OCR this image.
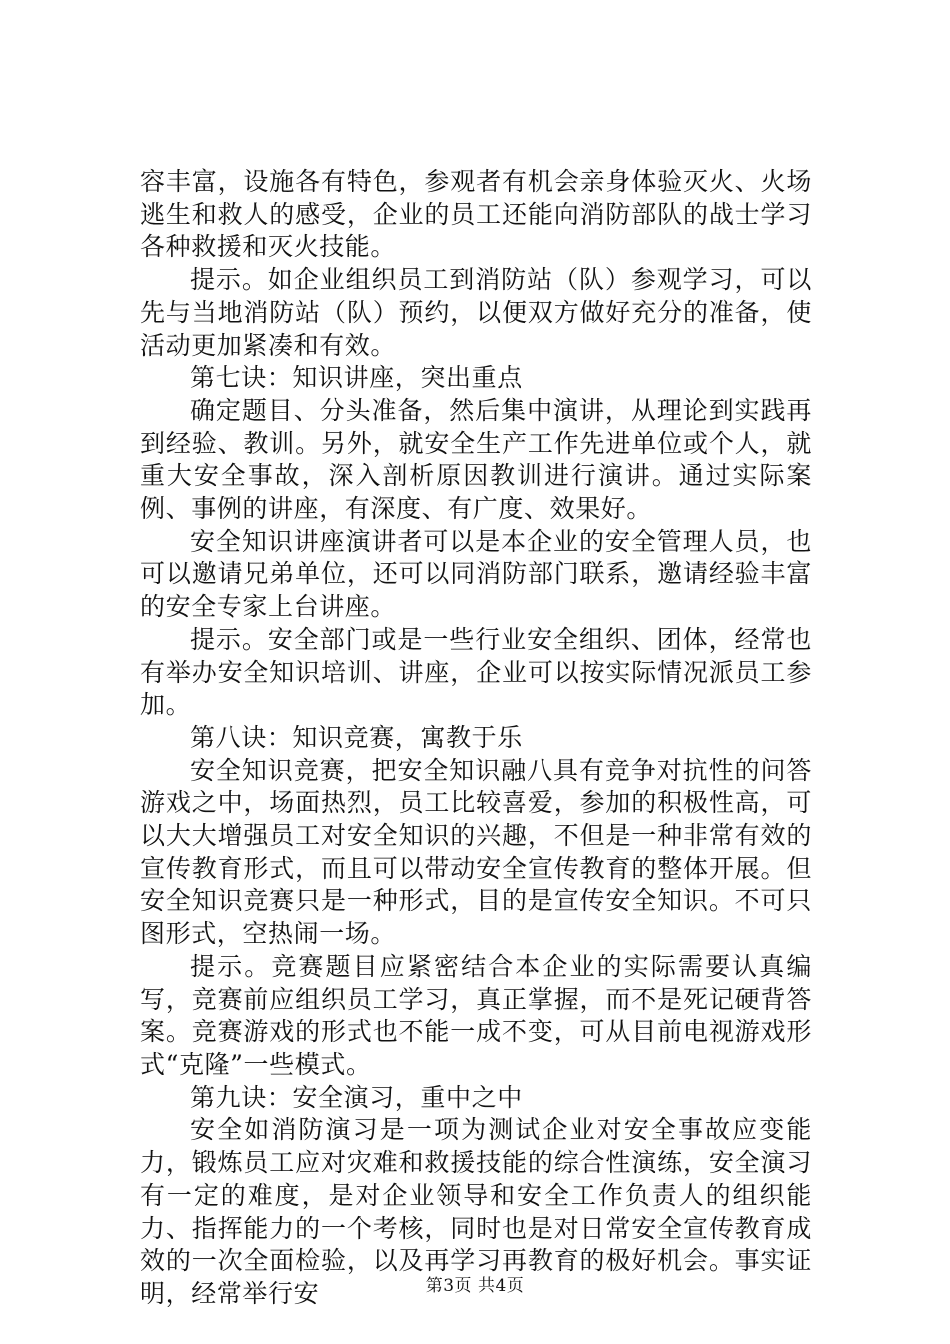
容丰富，设施各有特色，参观者有机会亲身体验灭火、火场逃生和救人的感受，企业的员工还能向消防部队的战士学习各种救援和灭火技能。

提示。如企业组织员工到消防站（队）参观学习，可以先与当地消防站（队）预约，以便双方做好充分的准备，使活动更加紧凑和有效。

第七诀：知识讲座，突出重点

确定题目、分头准备，然后集中演讲，从理论到实践再到经验、教训。另外，就安全生产工作先进单位或个人，就重大安全事故，深入剖析原因教训进行演讲。通过实际案例、事例的讲座，有深度、有广度、效果好。

安全知识讲座演讲者可以是本企业的安全管理人员，也可以邀请兄弟单位，还可以同消防部门联系，邀请经验丰富的安全专家上台讲座。

提示。安全部门或是一些行业安全组织、团体，经常也有举办安全知识培训、讲座，企业可以按实际情况派员工参加。

第八诀：知识竞赛，寓教于乐

安全知识竞赛，把安全知识融八具有竞争对抗性的问答游戏之中，场面热烈，员工比较喜爱，参加的积极性高，可以大大增强员工对安全知识的兴趣，不但是一种非常有效的宣传教育形式，而且可以带动安全宣传教育的整体开展。但安全知识竞赛只是一种形式，目的是宣传安全知识。不可只图形式，空热闹一场。

提示。竞赛题目应紧密结合本企业的实际需要认真编写，竞赛前应组织员工学习，真正掌握，而不是死记硬背答案。竞赛游戏的形式也不能一成不变，可从目前电视游戏形式“克隆”一些模式。

第九诀：安全演习，重中之中

安全如消防演习是一项为测试企业对安全事故应变能力，锻炼员工应对灾难和救援技能的综合性演练，安全演习有一定的难度，是对企业领导和安全工作负责人的组织能力、指挥能力的一个考核，同时也是对日常安全宣传教育成效的一次全面检验，以及再学习再教育的极好机会。事实证明，经常举行安	第3页 共4页
